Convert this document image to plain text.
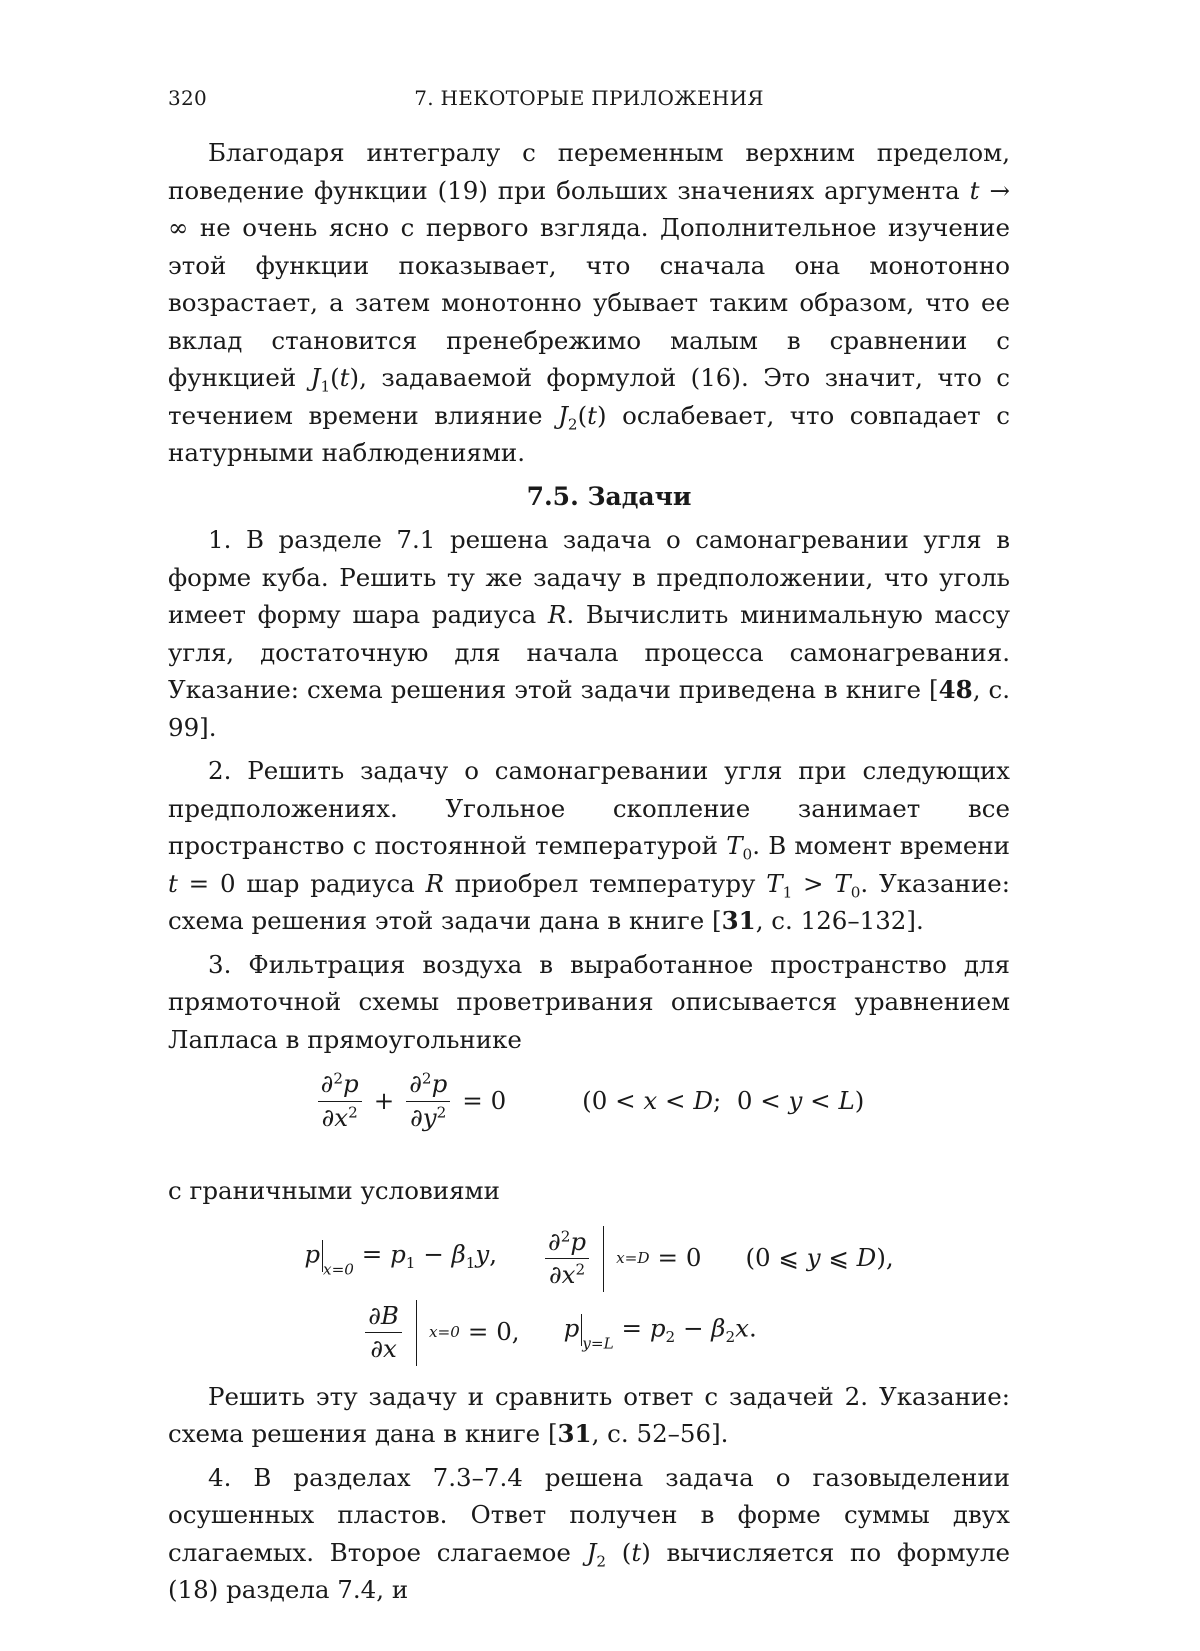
320	7. НЕКОТОРЫЕ ПРИЛОЖЕНИЯ

Благодаря интегралу с переменным верхним пределом, поведение функции (19) при больших значениях аргумента t → ∞ не очень ясно с первого взгляда. Дополнительное изучение этой функции показывает, что сначала она монотонно возрастает, а затем монотонно убывает таким образом, что ее вклад становится пренебрежимо малым в сравнении с функцией $J_1(t)$, задаваемой формулой (16). Это значит, что с течением времени влияние $J_2(t)$ ослабевает, что совпадает с натурными наблюдениями.

7.5. Задачи

1. В разделе 7.1 решена задача о самонагревании угля в форме куба. Решить ту же задачу в предположении, что уголь имеет форму шара радиуса R. Вычислить минимальную массу угля, достаточную для начала процесса самонагревания. Указание: схема решения этой задачи приведена в книге [48, с. 99].

2. Решить задачу о самонагревании угля при следующих предположениях. Угольное скопление занимает все пространство с постоянной температурой $T_0$. В момент времени t = 0 шар радиуса R приобрел температуру $T_1 > T_0$. Указание: схема решения этой задачи дана в книге [31, с. 126–132].

3. Фильтрация воздуха в выработанное пространство для прямоточной схемы проветривания описывается уравнением Лапласа в прямоугольнике

$\frac{\partial^2p}{\partial x^2} + \frac{\partial^2p}{\partial y^2} = 0$	(0 < x < D;  0 < y < L)

с граничными условиями

$p_{x=0} = p_1 - \beta_1y$, $\frac{\partial^2p}{\partial x^2} x=D = 0$ (0 ⩽ y ⩽ D),
$\frac{\partial B}{\partial x} x=0 = 0$, $p_{y=L} = p_2 - \beta_2x$.

Решить эту задачу и сравнить ответ с задачей 2. Указание: схема решения дана в книге [31, с. 52–56].

4. В разделах 7.3–7.4 решена задача о газовыделении осушенных пластов. Ответ получен в форме суммы двух слагаемых. Второе слагаемое $J_2$ (t) вычисляется по формуле (18) раздела 7.4, и
